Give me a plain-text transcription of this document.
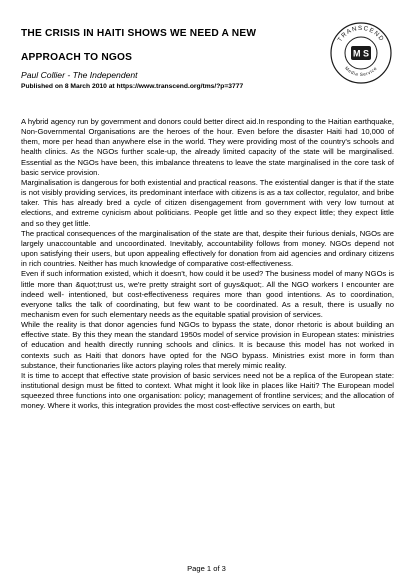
THE CRISIS IN HAITI SHOWS WE NEED A NEW
APPROACH TO NGOS
Paul Collier - The Independent
Published on 8 March 2010 at https://www.transcend.org/tms/?p=3777
TRANSCEND
Media Service
M S

A hybrid agency run by government and donors could better direct aid.In responding to the Haitian earthquake, Non-Governmental Organisations are the heroes of the hour. Even before the disaster Haiti had 10,000 of them, more per head than anywhere else in the world. They were providing most of the country's schools and health clinics. As the NGOs further scale-up, the already limited capacity of the state will be marginalised. Essential as the NGOs have been, this imbalance threatens to leave the state marginalised in the core task of basic service provision.

Marginalisation is dangerous for both existential and practical reasons. The existential danger is that if the state is not visibly providing services, its predominant interface with citizens is as a tax collector, regulator, and bribe taker. This has already bred a cycle of citizen disengagement from government with very low turnout at elections, and extreme cynicism about politicians. People get little and so they expect little; they expect little and so they get little.

The practical consequences of the marginalisation of the state are that, despite their furious denials, NGOs are largely unaccountable and uncoordinated. Inevitably, accountability follows from money. NGOs depend not upon satisfying their users, but upon appealing effectively for donation from aid agencies and ordinary citizens in rich countries. Neither has much knowledge of comparative cost-effectiveness.

Even if such information existed, which it doesn't, how could it be used? The business model of many NGOs is little more than &quot;trust us, we're pretty straight sort of guys&quot;. All the NGO workers I encounter are indeed well- intentioned, but cost-effectiveness requires more than good intentions. As to coordination, everyone talks the talk of coordinating, but few want to be coordinated. As a result, there is usually no mechanism even for such elementary needs as the equitable spatial provision of services.

While the reality is that donor agencies fund NGOs to bypass the state, donor rhetoric is about building an effective state. By this they mean the standard 1950s model of service provision in European states: ministries of education and health directly running schools and clinics. It is because this model has not worked in contexts such as Haiti that donors have opted for the NGO bypass. Ministries exist more in form than substance, their functionaries like actors playing roles that merely mimic reality.

It is time to accept that effective state provision of basic services need not be a replica of the European state: institutional design must be fitted to context. What might it look like in places like Haiti? The European model squeezed three functions into one organisation: policy; management of frontline services; and the allocation of money. Where it works, this integration provides the most cost-effective services on earth, but

Page 1 of 3
